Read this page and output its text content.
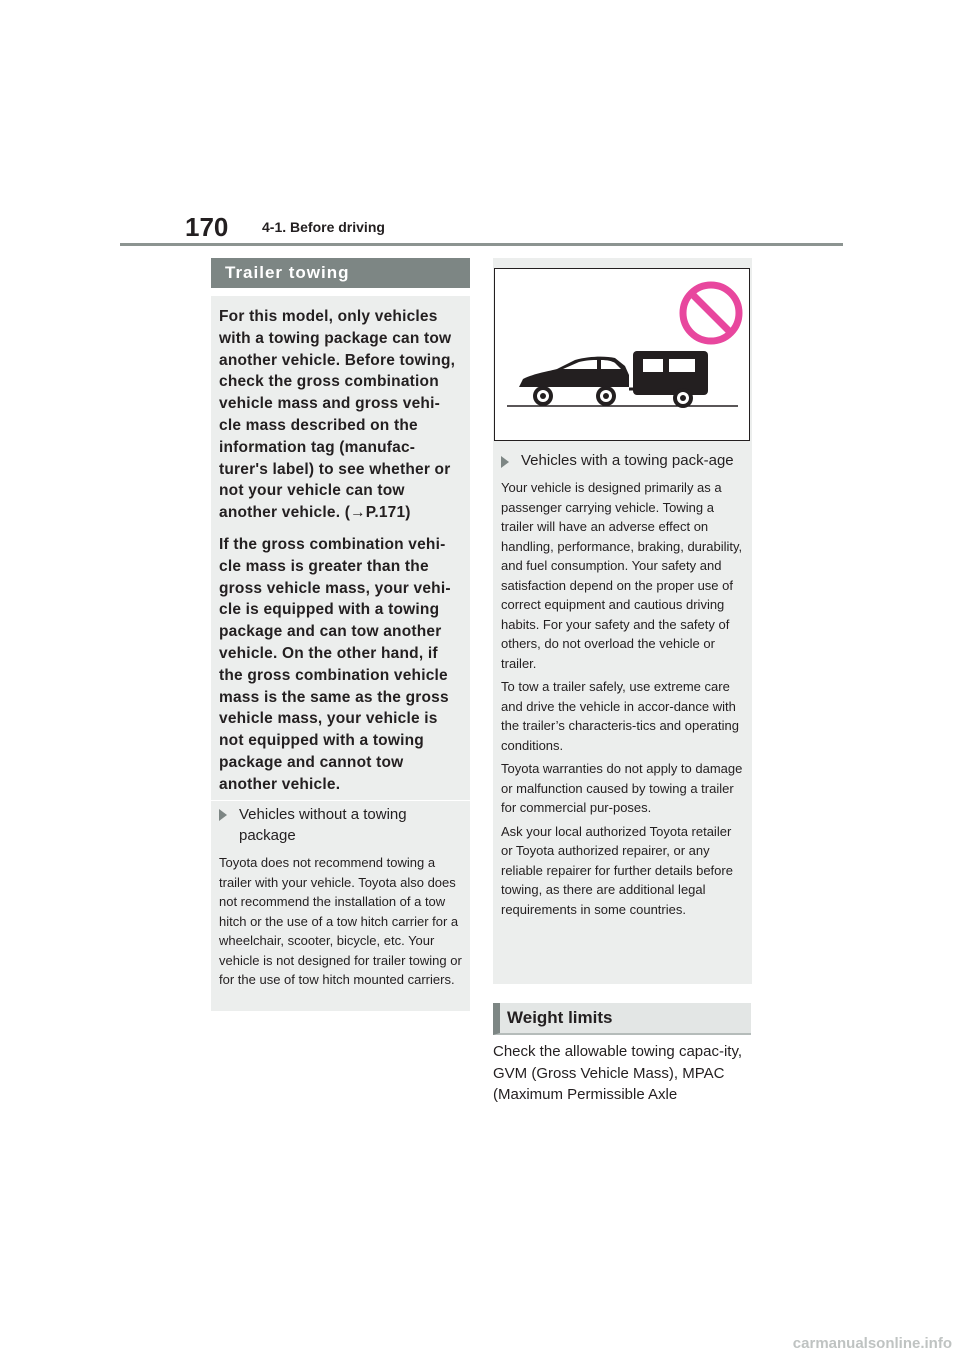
170 4-1. Before driving
Trailer towing

For this model, only vehicles with a towing package can tow another vehicle. Before towing, check the gross combination vehicle mass and gross vehi-cle mass described on the information tag (manufac-turer's label) to see whether or not your vehicle can tow another vehicle. (→P.171)

If the gross combination vehi-cle mass is greater than the gross vehicle mass, your vehi-cle is equipped with a towing package and can tow another vehicle. On the other hand, if the gross combination vehicle mass is the same as the gross vehicle mass, your vehicle is not equipped with a towing package and cannot tow another vehicle.

Vehicles without a towing package

Toyota does not recommend towing a trailer with your vehicle. Toyota also does not recommend the installation of a tow hitch or the use of a tow hitch carrier for a wheelchair, scooter, bicycle, etc. Your vehicle is not designed for trailer towing or for the use of tow hitch mounted carriers.

Vehicles with a towing pack-age

Your vehicle is designed primarily as a passenger carrying vehicle. Towing a trailer will have an adverse effect on handling, performance, braking, durability, and fuel consumption. Your safety and satisfaction depend on the proper use of correct equipment and cautious driving habits. For your safety and the safety of others, do not overload the vehicle or trailer.

To tow a trailer safely, use extreme care and drive the vehicle in accor-dance with the trailer’s characteris-tics and operating conditions.

Toyota warranties do not apply to damage or malfunction caused by towing a trailer for commercial pur-poses.

Ask your local authorized Toyota retailer or Toyota authorized repairer, or any reliable repairer for further details before towing, as there are additional legal requirements in some countries.

Weight limits
Check the allowable towing capac-ity, GVM (Gross Vehicle Mass), MPAC (Maximum Permissible Axle
carmanualsonline.info
